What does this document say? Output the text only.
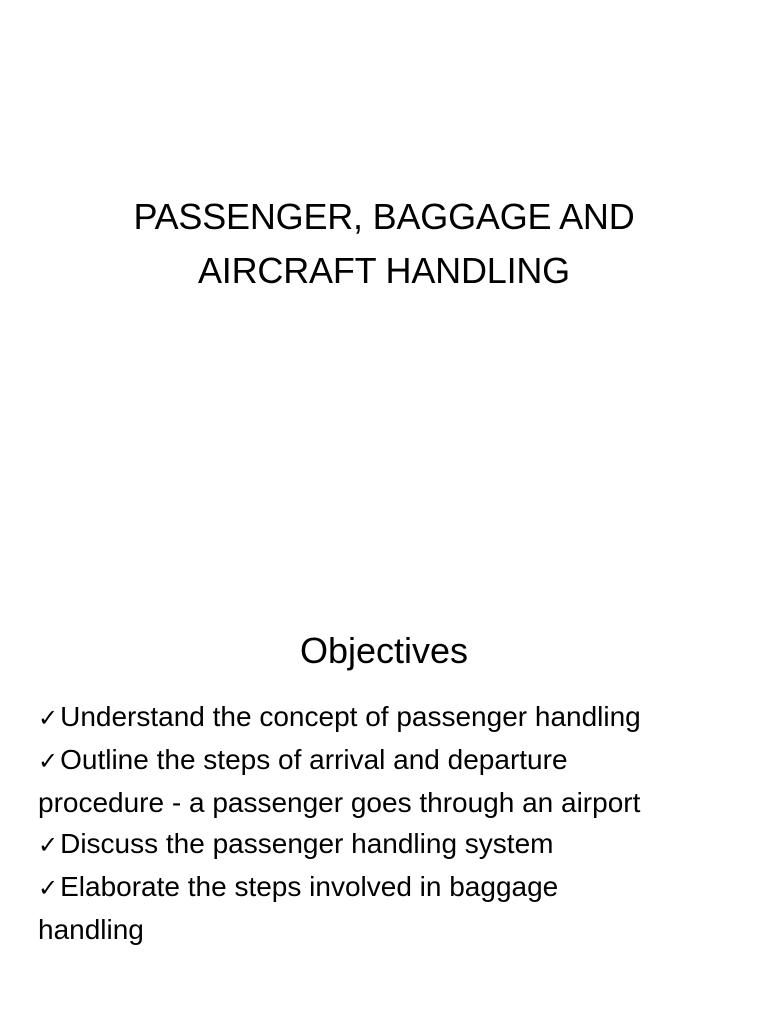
PASSENGER, BAGGAGE AND
AIRCRAFT HANDLING
Objectives
✓Understand the concept of passenger handling
✓Outline the steps of arrival and departure procedure - a passenger goes through an airport
✓Discuss the passenger handling system
✓Elaborate the steps involved in baggage handling
